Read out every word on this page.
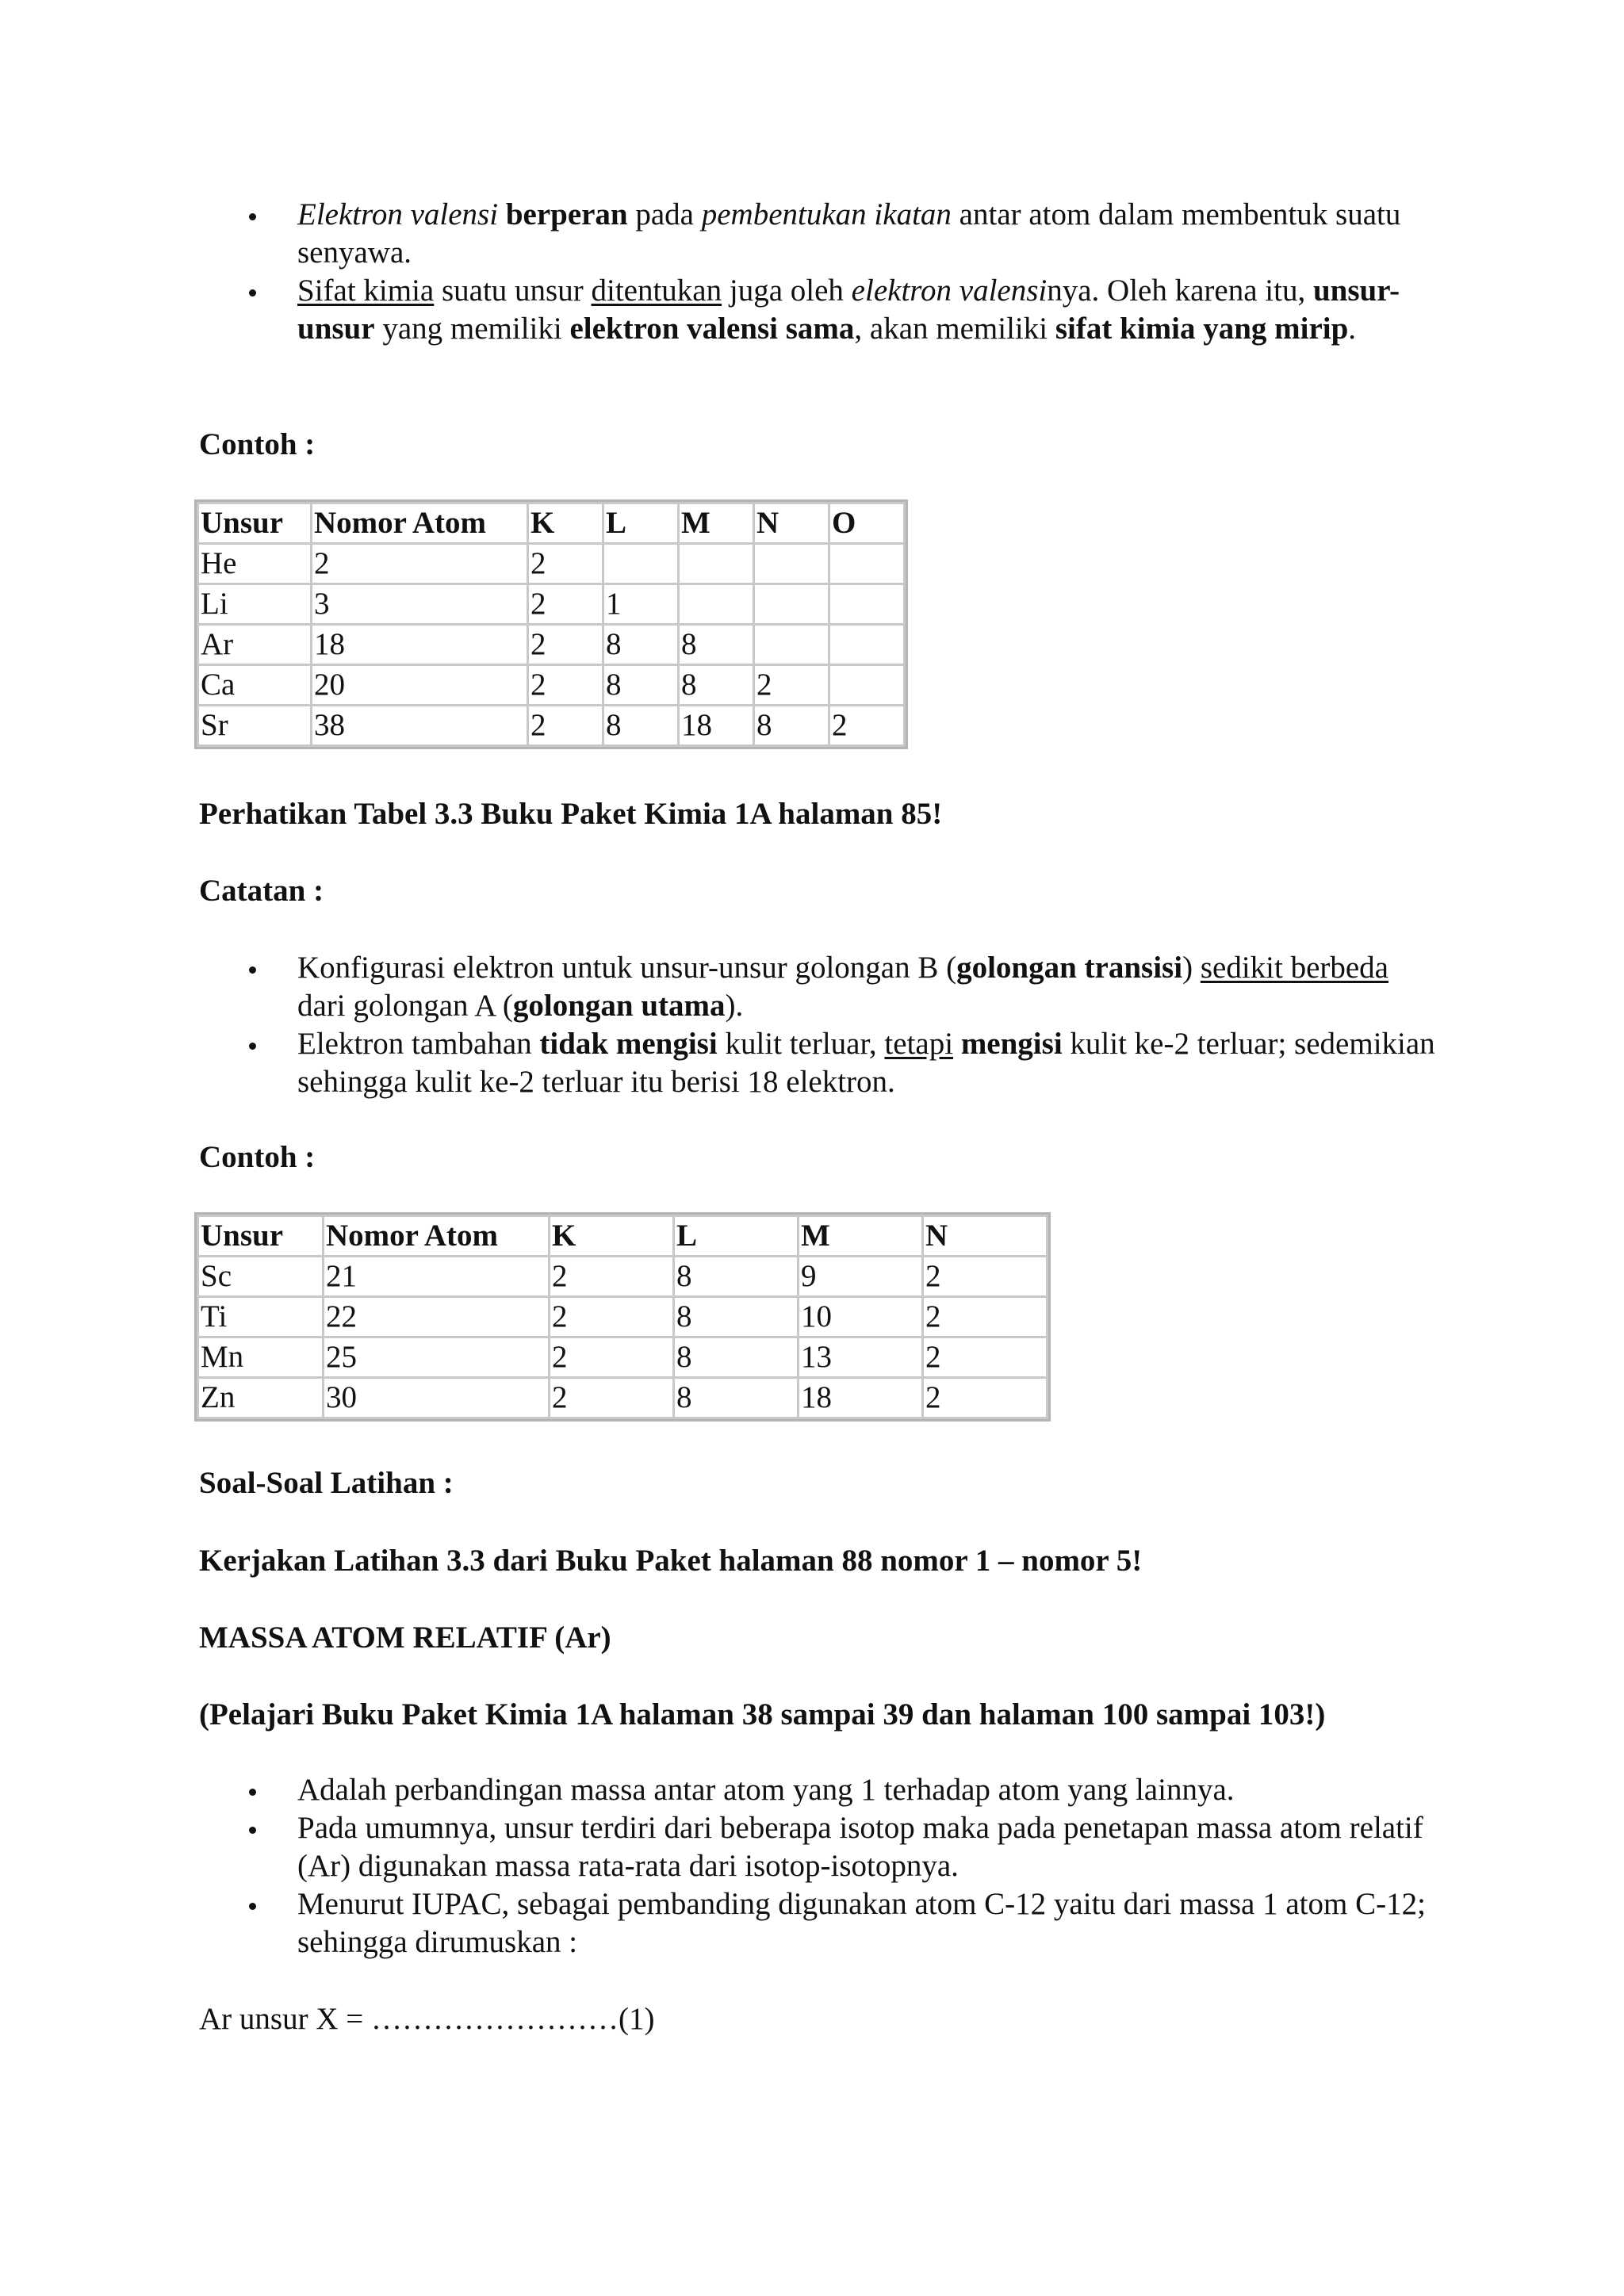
Elektron valensi berperan pada pembentukan ikatan antar atom dalam membentuk suatu senyawa.
Sifat kimia suatu unsur ditentukan juga oleh elektron valensinya. Oleh karena itu, unsur-unsur yang memiliki elektron valensi sama, akan memiliki sifat kimia yang mirip.

Contoh :

Unsur	Nomor Atom	K	L	M	N	O
He	2	2				
Li	3	2	1			
Ar	18	2	8	8		
Ca	20	2	8	8	2	
Sr	38	2	8	18	8	2

Perhatikan Tabel 3.3 Buku Paket Kimia 1A halaman 85!

Catatan :

Konfigurasi elektron untuk unsur-unsur golongan B (golongan transisi) sedikit berbeda dari golongan A (golongan utama).
Elektron tambahan tidak mengisi kulit terluar, tetapi mengisi kulit ke-2 terluar; sedemikian sehingga kulit ke-2 terluar itu berisi 18 elektron.

Contoh :

Unsur	Nomor Atom	K	L	M	N
Sc	21	2	8	9	2
Ti	22	2	8	10	2
Mn	25	2	8	13	2
Zn	30	2	8	18	2

Soal-Soal Latihan :

Kerjakan Latihan 3.3 dari Buku Paket halaman 88 nomor 1 – nomor 5!

MASSA ATOM RELATIF (Ar)

(Pelajari Buku Paket Kimia 1A halaman 38 sampai 39 dan halaman 100 sampai 103!)

Adalah perbandingan massa antar atom yang 1 terhadap atom yang lainnya.
Pada umumnya, unsur terdiri dari beberapa isotop maka pada penetapan massa atom relatif (Ar) digunakan massa rata-rata dari isotop-isotopnya.
Menurut IUPAC, sebagai pembanding digunakan atom C-12 yaitu dari massa 1 atom C-12; sehingga dirumuskan :

Ar unsur X = ……………………(1)
